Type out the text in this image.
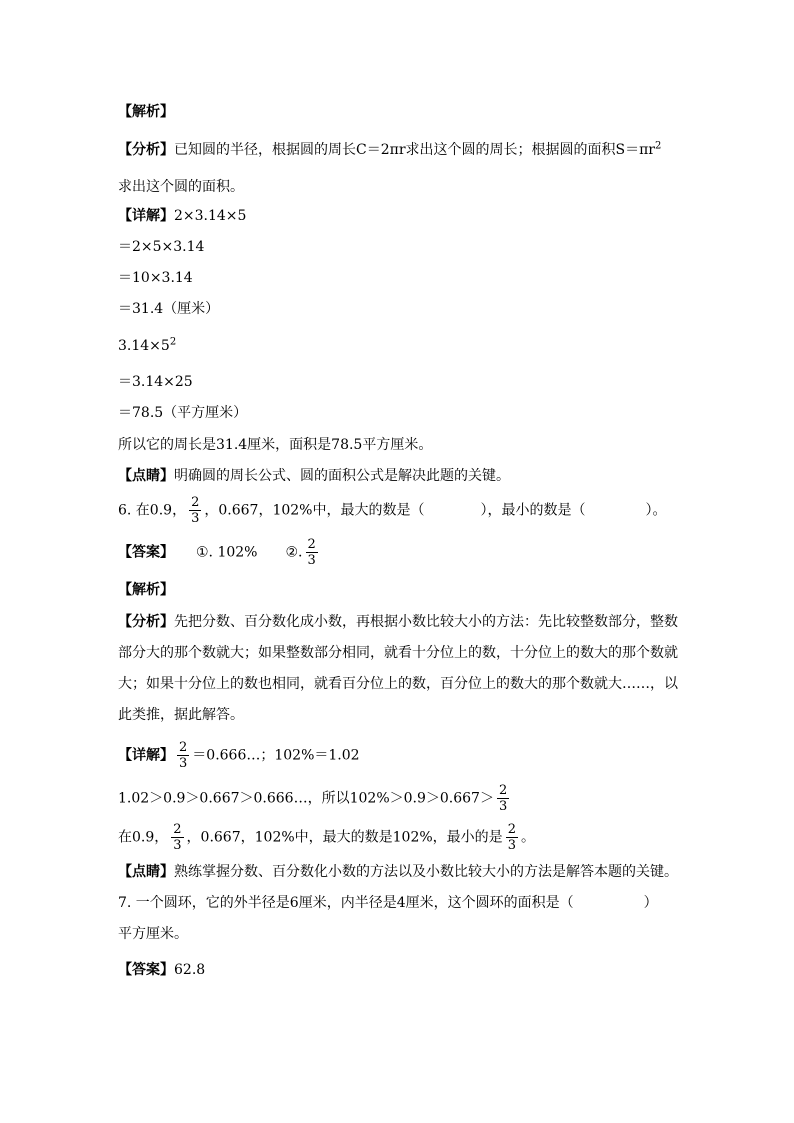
【解析】
【分析】已知圆的半径，根据圆的周长C＝2πr求出这个圆的周长；根据圆的面积$S=\pi r^2$
求出这个圆的面积。
【详解】2×3.14×5
＝2×5×3.14
＝10×3.14
＝31.4（厘米）
$3.14\times 5^2$
＝3.14×25
＝78.5（平方厘米）
所以它的周长是31.4厘米，面积是78.5平方厘米。
【点睛】明确圆的周长公式、圆的面积公式是解决此题的关键。
6. 在0.9， $\frac{2}{3}$ ，0.667，102%中，最大的数是（	），最小的数是（	）。
【答案】 ①. 102% ②. $\frac{2}{3}$
【解析】
【分析】先把分数、百分数化成小数，再根据小数比较大小的方法：先比较整数部分，整数
部分大的那个数就大；如果整数部分相同，就看十分位上的数，十分位上的数大的那个数就
大；如果十分位上的数也相同，就看百分位上的数，百分位上的数大的那个数就大……，以
此类推，据此解答。
【详解】 $\frac{2}{3}$ ＝0.666…；102%＝1.02
1.02＞0.9＞0.667＞0.666…，所以$102\%>0.9>0.667> \frac{2}{3}$
在0.9， $\frac{2}{3}$ ，0.667，102%中，最大的数是102%，最小的是 $\frac{2}{3}$ 。
【点睛】熟练掌握分数、百分数化小数的方法以及小数比较大小的方法是解答本题的关键。
7. 一个圆环，它的外半径是6厘米，内半径是4厘米，这个圆环的面积是（	）
平方厘米。
【答案】62.8
